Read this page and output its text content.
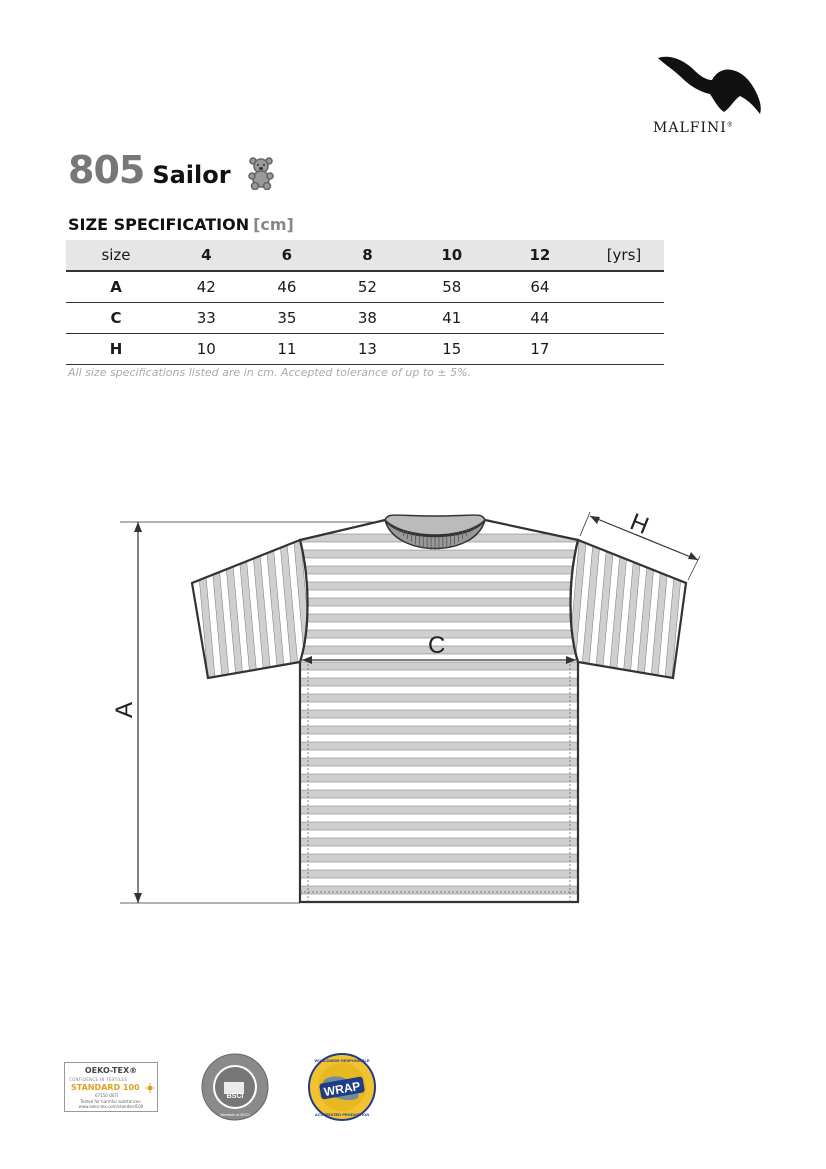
MALFINI®
805 Sailor
SIZE SPECIFICATION [cm]
size	4	6	8	10	12	[yrs]
A	42	46	52	58	64	
C	33	35	38	41	44	
H	10	11	13	15	17	
All size specifications listed are in cm. Accepted tolerance of up to ± 5%.
A
C
H
OEKO-TEX®
CONFIDENCE IN TEXTILES
STANDARD 100
67150 OETI
Tested for harmful substances.
www.oeko-tex.com/standard100
BSCI
Member of BSCI
WRAP
WORLDWIDE RESPONSIBLE
ACCREDITED PRODUCTION
